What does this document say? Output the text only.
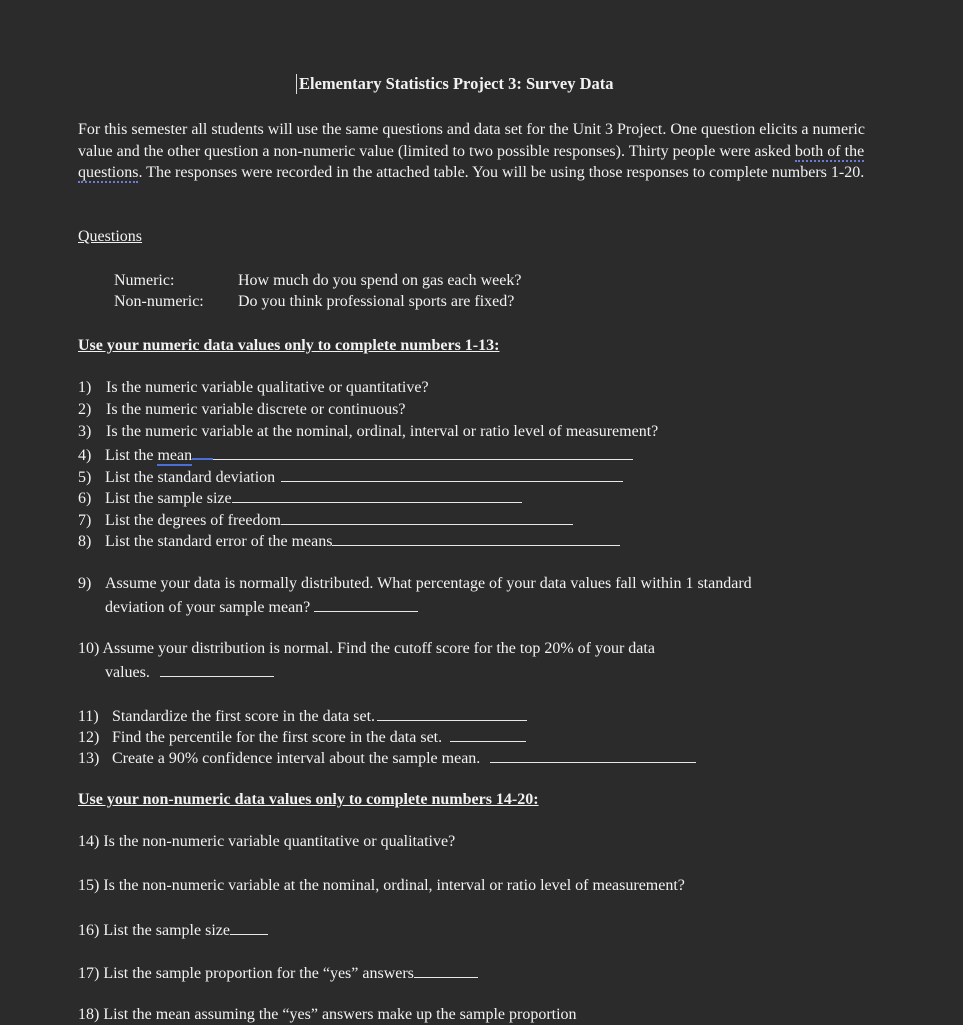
Elementary Statistics Project 3: Survey Data
For this semester all students will use the same questions and data set for the Unit 3 Project. One question elicits a numeric value and the other question a non-numeric value (limited to two possible responses). Thirty people were asked both of the questions. The responses were recorded in the attached table. You will be using those responses to complete numbers 1-20.
Questions
Numeric:	How much do you spend on gas each week?
Non-numeric: Do you think professional sports are fixed?
Use your numeric data values only to complete numbers 1-13:
1) Is the numeric variable qualitative or quantitative?
2) Is the numeric variable discrete or continuous?
3) Is the numeric variable at the nominal, ordinal, interval or ratio level of measurement?
4) List the mean
5) List the standard deviation
6) List the sample size
7) List the degrees of freedom
8) List the standard error of the means
9) Assume your data is normally distributed. What percentage of your data values fall within 1 standard
deviation of your sample mean?
10) Assume your distribution is normal. Find the cutoff score for the top 20% of your data
values.
11) Standardize the first score in the data set.
12) Find the percentile for the first score in the data set.
13) Create a 90% confidence interval about the sample mean.
Use your non-numeric data values only to complete numbers 14-20:
14) Is the non-numeric variable quantitative or qualitative?
15) Is the non-numeric variable at the nominal, ordinal, interval or ratio level of measurement?
16) List the sample size
17) List the sample proportion for the “yes” answers
18) List the mean assuming the “yes” answers make up the sample proportion
